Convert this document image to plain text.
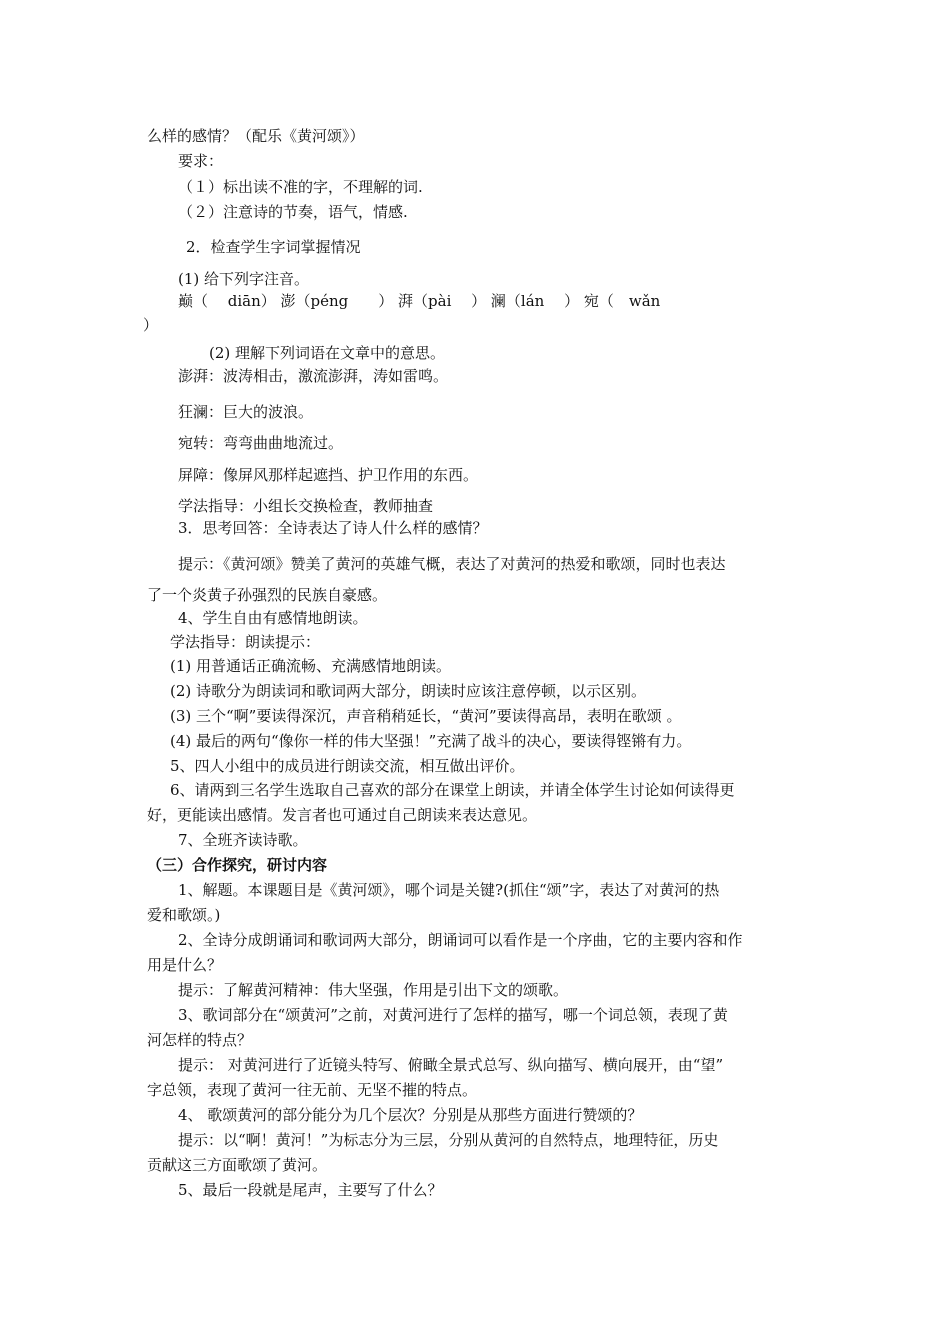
么样的感情？（配乐《黄河颂》）
要求：
（１）标出读不准的字，不理解的词.
（２）注意诗的节奏，语气，情感.
2．检查学生字词掌握情况
(1) 给下列字注音。
巅（　 diān） 澎（péng　　） 湃（pài　 ） 澜（lán　 ） 宛（　wǎn
）
(2) 理解下列词语在文章中的意思。
澎湃：波涛相击，激流澎湃，涛如雷鸣。
狂澜：巨大的波浪。
宛转：弯弯曲曲地流过。
屏障：像屏风那样起遮挡、护卫作用的东西。
学法指导：小组长交换检查，教师抽查
3．思考回答：全诗表达了诗人什么样的感情？
提示：《黄河颂》赞美了黄河的英雄气概，表达了对黄河的热爱和歌颂，同时也表达
了一个炎黄子孙强烈的民族自豪感。
4、学生自由有感情地朗读。
学法指导：朗读提示：
(1) 用普通话正确流畅、充满感情地朗读。
(2) 诗歌分为朗读词和歌词两大部分，朗读时应该注意停顿，以示区别。
(3) 三个“啊”要读得深沉，声音稍稍延长，“黄河”要读得高昂，表明在歌颂 。
(4) 最后的两句“像你一样的伟大坚强！”充满了战斗的决心，要读得铿锵有力。
5、四人小组中的成员进行朗读交流，相互做出评价。
6、请两到三名学生选取自己喜欢的部分在课堂上朗读，并请全体学生讨论如何读得更
好，更能读出感情。发言者也可通过自己朗读来表达意见。
7、全班齐读诗歌。
（三）合作探究，研讨内容
1、解题。本课题目是《黄河颂》，哪个词是关键?(抓住“颂”字，表达了对黄河的热
爱和歌颂。)
2、全诗分成朗诵词和歌词两大部分，朗诵词可以看作是一个序曲，它的主要内容和作
用是什么？
提示：了解黄河精神：伟大坚强，作用是引出下文的颂歌。
3、歌词部分在“颂黄河”之前，对黄河进行了怎样的描写，哪一个词总领，表现了黄
河怎样的特点？
提示： 对黄河进行了近镜头特写、俯瞰全景式总写、纵向描写、横向展开，由“望”
字总领，表现了黄河一往无前、无坚不摧的特点。
4、 歌颂黄河的部分能分为几个层次？分别是从那些方面进行赞颂的？
提示：以“啊！黄河！”为标志分为三层，分别从黄河的自然特点，地理特征，历史
贡献这三方面歌颂了黄河。
5、最后一段就是尾声，主要写了什么？
